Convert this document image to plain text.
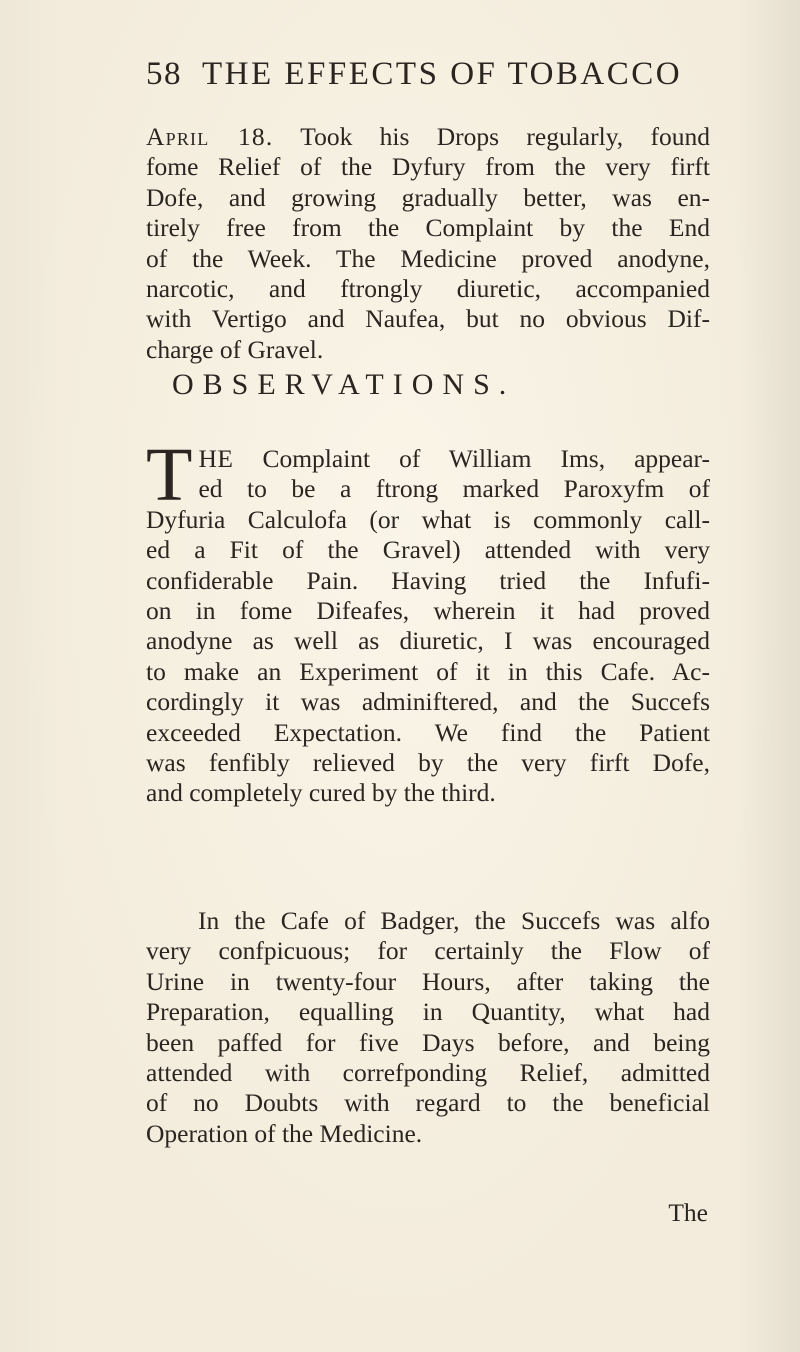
58 THE EFFECTS OF TOBACCO
April 18. Took his Drops regularly, found
fome Relief of the Dyfury from the very firft
Dofe, and growing gradually better, was en-
tirely free from the Complaint by the End
of the Week. The Medicine proved anodyne,
narcotic, and ftrongly diuretic, accompanied
with Vertigo and Naufea, but no obvious Dif-
charge of Gravel.
OBSERVATIONS.
T HE Complaint of William Ims, appear-
ed to be a ftrong marked Paroxyfm of
Dyfuria Calculofa (or what is commonly call-
ed a Fit of the Gravel) attended with very
confiderable Pain. Having tried the Infufi-
on in fome Difeafes, wherein it had proved
anodyne as well as diuretic, I was encouraged
to make an Experiment of it in this Cafe. Ac-
cordingly it was adminiftered, and the Succefs
exceeded Expectation. We find the Patient
was fenfibly relieved by the very firft Dofe,
and completely cured by the third.
In the Cafe of Badger, the Succefs was alfo
very confpicuous; for certainly the Flow of
Urine in twenty-four Hours, after taking the
Preparation, equalling in Quantity, what had
been paffed for five Days before, and being
attended with correfponding Relief, admitted
of no Doubts with regard to the beneficial
Operation of the Medicine.
The
